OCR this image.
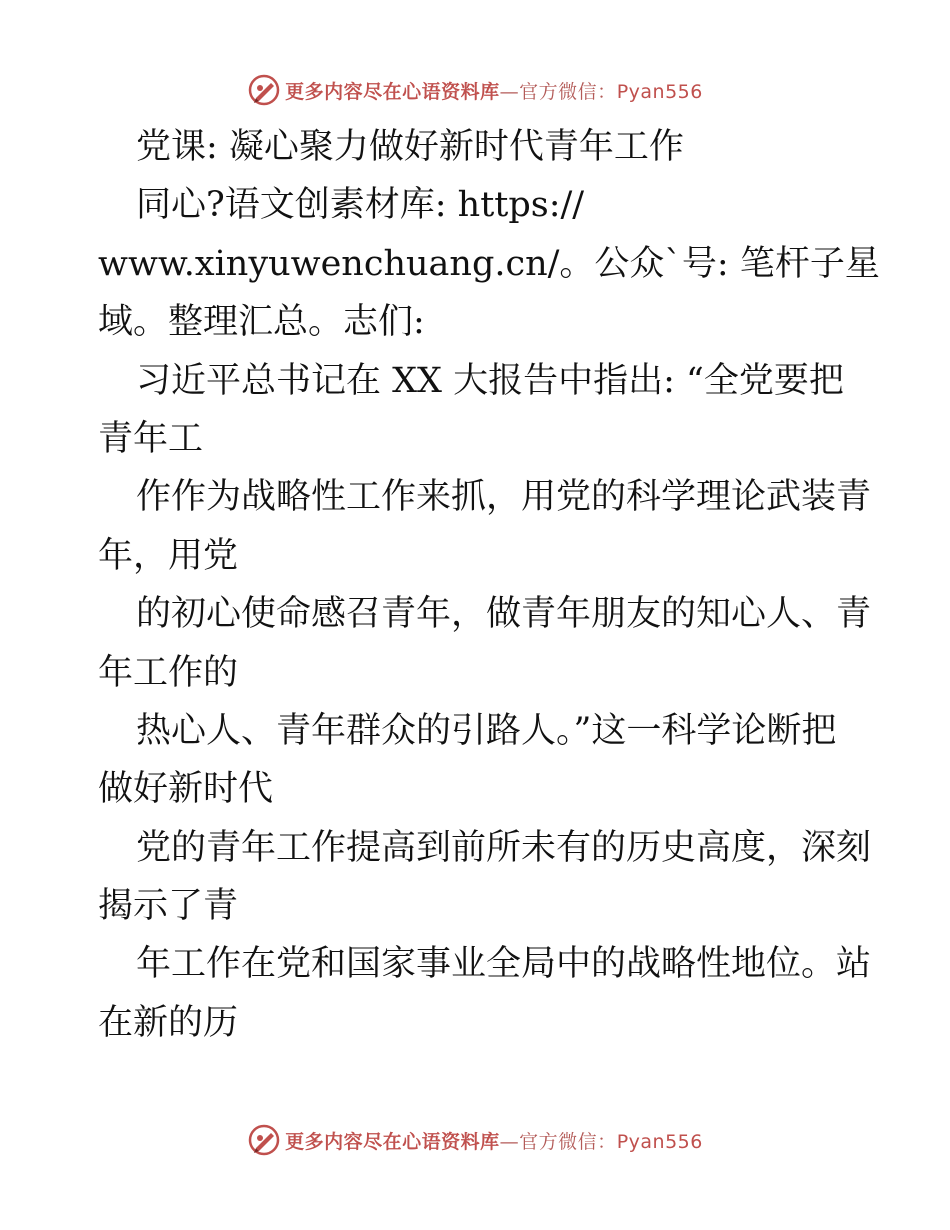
更多内容尽在心语资料库—官方微信：Pyan556
党课: 凝心聚力做好新时代青年工作
同心?语文创素材库: https://
www.xinyuwenchuang.cn/。公众`号: 笔杆子星
域。整理汇总。志们:
习近平总书记在 XX 大报告中指出: “全党要把
青年工
作作为战略性工作来抓，用党的科学理论武装青
年，用党
的初心使命感召青年，做青年朋友的知心人、青
年工作的
热心人、青年群众的引路人。”这一科学论断把
做好新时代
党的青年工作提高到前所未有的历史高度，深刻
揭示了青
年工作在党和国家事业全局中的战略性地位。站
在新的历
更多内容尽在心语资料库—官方微信：Pyan556
